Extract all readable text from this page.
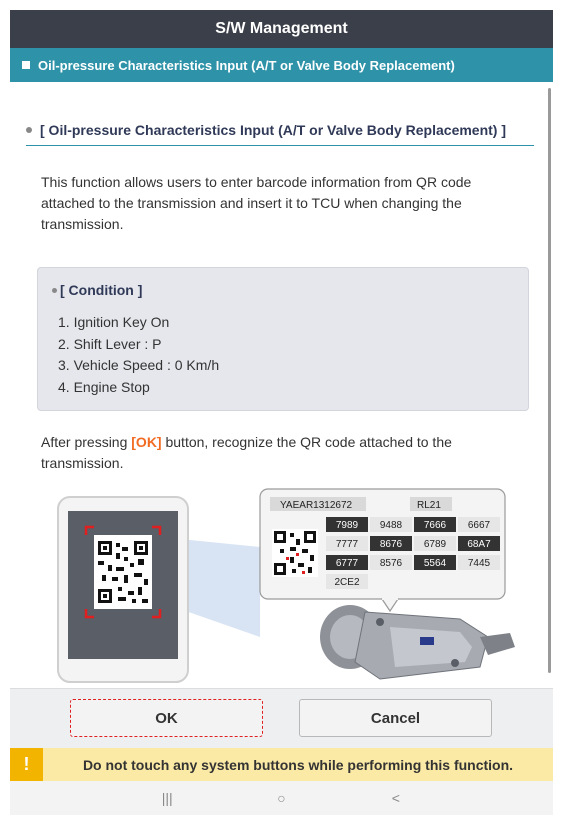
S/W Management
Oil-pressure Characteristics Input (A/T or Valve Body Replacement)
[ Oil-pressure Characteristics Input (A/T or Valve Body Replacement) ]
This function allows users to enter barcode information from QR code attached to the transmission and insert it to TCU when changing the transmission.
[ Condition ]
1. Ignition Key On
2. Shift Lever : P
3. Vehicle Speed : 0 Km/h
4. Engine Stop
After pressing [OK] button, recognize the QR code attached to the transmission.
YAEAR1312672	RL21
7989 9488 7666 6667
7777 8676 6789 68A7
6777 8576 5564 7445
2CE2
OK	Cancel
!	Do not touch any system buttons while performing this function.
|||	○	<
